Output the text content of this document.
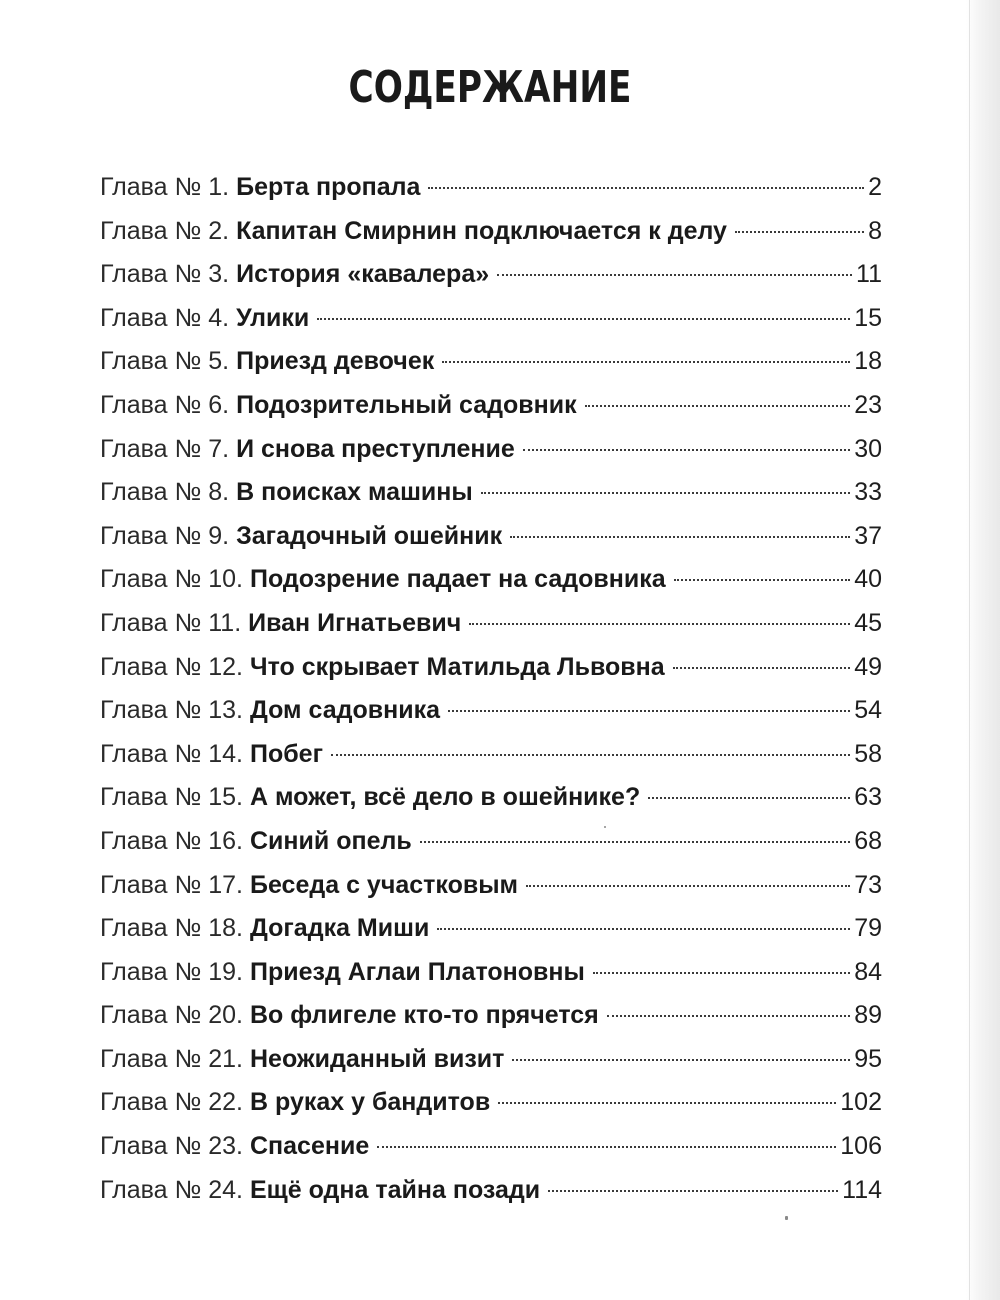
СОДЕРЖАНИЕ
Глава № 1. Берта пропала	2
Глава № 2. Капитан Смирнин подключается к делу	8
Глава № 3. История «кавалера»	11
Глава № 4. Улики	15
Глава № 5. Приезд девочек	18
Глава № 6. Подозрительный садовник	23
Глава № 7. И снова преступление	30
Глава № 8. В поисках машины	33
Глава № 9. Загадочный ошейник	37
Глава № 10. Подозрение падает на садовника	40
Глава № 11. Иван Игнатьевич	45
Глава № 12. Что скрывает Матильда Львовна	49
Глава № 13. Дом садовника	54
Глава № 14. Побег	58
Глава № 15. А может, всё дело в ошейнике?	63
Глава № 16. Синий опель	68
Глава № 17. Беседа с участковым	73
Глава № 18. Догадка Миши	79
Глава № 19. Приезд Аглаи Платоновны	84
Глава № 20. Во флигеле кто-то прячется	89
Глава № 21. Неожиданный визит	95
Глава № 22. В руках у бандитов	102
Глава № 23. Спасение	106
Глава № 24. Ещё одна тайна позади	114
